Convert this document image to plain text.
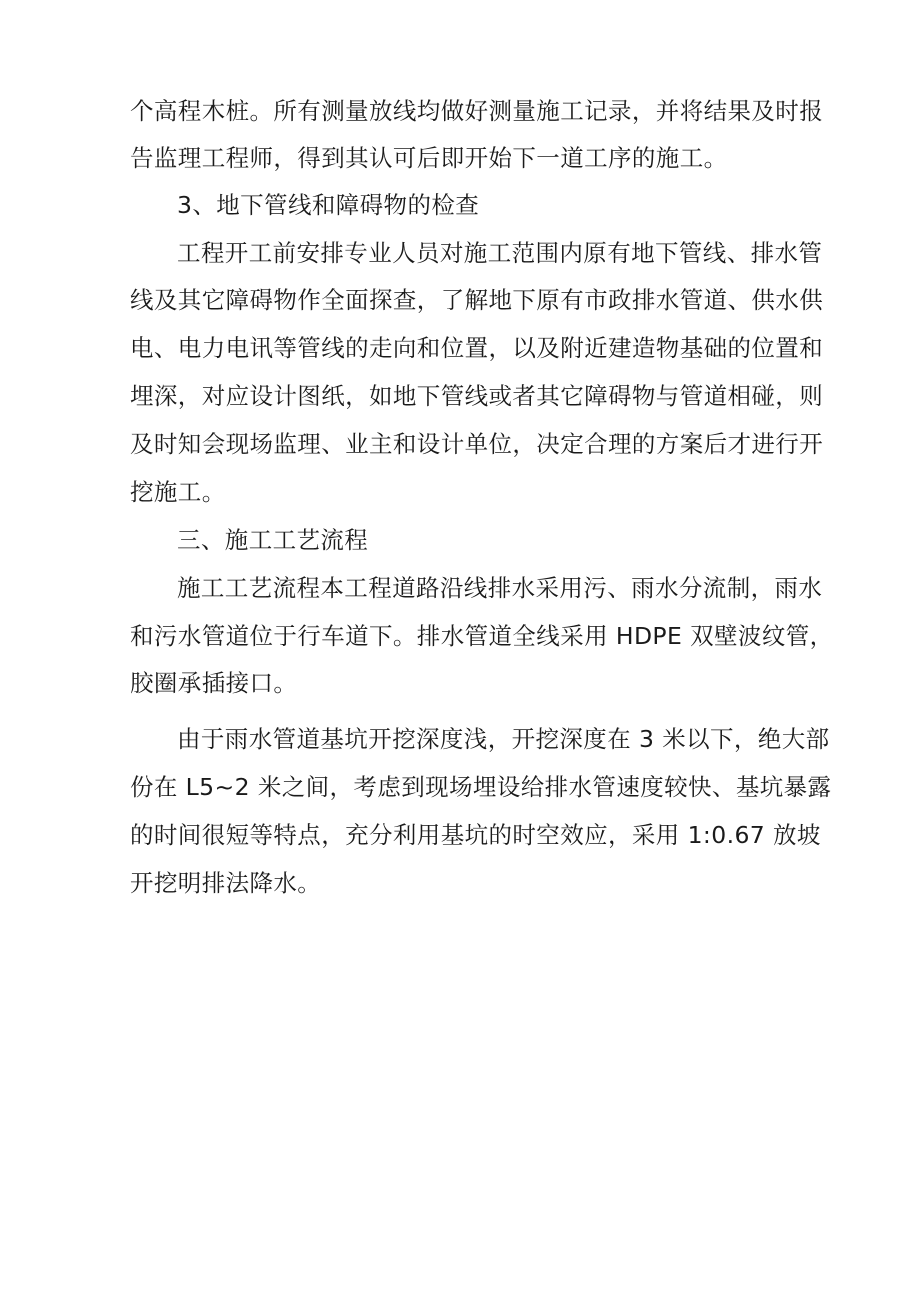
个高程木桩。所有测量放线均做好测量施工记录，并将结果及时报
告监理工程师，得到其认可后即开始下一道工序的施工。
3、地下管线和障碍物的检查
工程开工前安排专业人员对施工范围内原有地下管线、排水管
线及其它障碍物作全面探查，了解地下原有市政排水管道、供水供
电、电力电讯等管线的走向和位置，以及附近建造物基础的位置和
埋深，对应设计图纸，如地下管线或者其它障碍物与管道相碰，则
及时知会现场监理、业主和设计单位，决定合理的方案后才进行开
挖施工。
三、施工工艺流程
施工工艺流程本工程道路沿线排水采用污、雨水分流制，雨水
和污水管道位于行车道下。排水管道全线采用 HDPE 双壁波纹管，
胶圈承插接口。
由于雨水管道基坑开挖深度浅，开挖深度在 3 米以下，绝大部
份在 L5~2 米之间，考虑到现场埋设给排水管速度较快、基坑暴露
的时间很短等特点，充分利用基坑的时空效应，采用 1:0.67 放坡
开挖明排法降水。
